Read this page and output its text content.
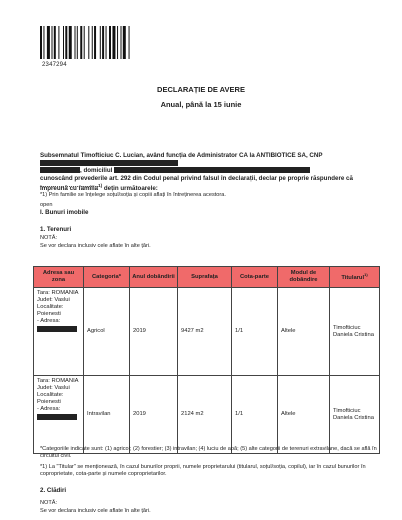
2347294
DECLARAȚIE DE AVERE
Anual, până la 15 iunie
Subsemnatul Timofticiuc C. Lucian, având funcția de Administrator CA la ANTIBIOTICE SA, CNP
, domiciliul
cunoscând prevederile art. 292 din Codul penal privind falsul în declarații, declar pe proprie răspundere că împreună cu familia$^{1)}$ dețin următoarele:
*1) Prin familie se înțelege soțul/soția și copiii aflați în întreținerea acestora.
open
I. Bunuri imobile
1. Terenuri
NOTĂ:
Se vor declara inclusiv cele aflate în alte țări.
Adresa sau zona	Categoria*	Anul dobândirii	Suprafața	Cota-parte	Modul de dobândire	Titularul$^{1)}$
Tara: ROMANIA
Judet: Vaslui
Localitate: Poienesti
- Adresa:	Agricol	2019	9427 m2	1/1	Altele	Timofticiuc Daniela Cristina
Tara: ROMANIA
Judet: Vaslui
Localitate: Poienesti
- Adresa:	Intravilan	2019	2124 m2	1/1	Altele	Timofticiuc Daniela Cristina
*Categoriile indicate sunt: (1) agricol; (2) forestier; (3) intravilan; (4) luciu de apă; (5) alte categorii de terenuri extravilane, dacă se află în circuitul civil.
*1) La "Titular" se menționează, în cazul bunurilor proprii, numele proprietarului (titularul, soțul/soția, copilul), iar în cazul bunurilor în coproprietate, cota-parte și numele coproprietarilor.
2. Clădiri
NOTĂ:
Se vor declara inclusiv cele aflate în alte țări.
